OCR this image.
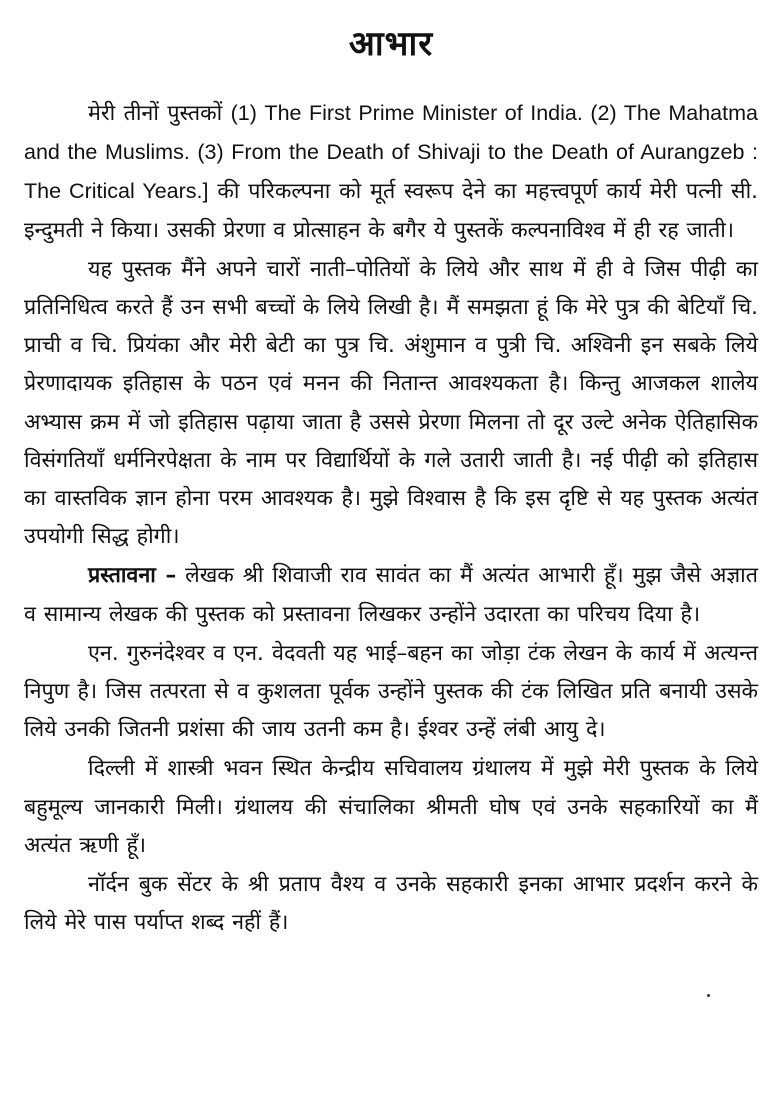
आभार

मेरी तीनों पुस्तकों (1) The First Prime Minister of India. (2) The Mahatma and the Muslims. (3) From the Death of Shivaji to the Death of Aurangzeb : The Critical Years.] की परिकल्पना को मूर्त स्वरूप देने का महत्त्वपूर्ण कार्य मेरी पत्नी सी. इन्दुमती ने किया। उसकी प्रेरणा व प्रोत्साहन के बगैर ये पुस्तकें कल्पनाविश्व में ही रह जाती।

यह पुस्तक मैंने अपने चारों नाती–पोतियों के लिये और साथ में ही वे जिस पीढ़ी का प्रतिनिधित्व करते हैं उन सभी बच्चों के लिये लिखी है। मैं समझता हूं कि मेरे पुत्र की बेटियाँ चि. प्राची व चि. प्रियंका और मेरी बेटी का पुत्र चि. अंशुमान व पुत्री चि. अश्विनी इन सबके लिये प्रेरणादायक इतिहास के पठन एवं मनन की नितान्त आवश्यकता है। किन्तु आजकल शालेय अभ्यास क्रम में जो इतिहास पढ़ाया जाता है उससे प्रेरणा मिलना तो दूर उल्टे अनेक ऐतिहासिक विसंगतियाँ धर्मनिरपेक्षता के नाम पर विद्यार्थियों के गले उतारी जाती है। नई पीढ़ी को इतिहास का वास्तविक ज्ञान होना परम आवश्यक है। मुझे विश्वास है कि इस दृष्टि से यह पुस्तक अत्यंत उपयोगी सिद्ध होगी।

प्रस्तावना – लेखक श्री शिवाजी राव सावंत का मैं अत्यंत आभारी हूँ। मुझ जैसे अज्ञात व सामान्य लेखक की पुस्तक को प्रस्तावना लिखकर उन्होंने उदारता का परिचय दिया है।

एन. गुरुनंदेश्वर व एन. वेदवती यह भाई–बहन का जोड़ा टंक लेखन के कार्य में अत्यन्त निपुण है। जिस तत्परता से व कुशलता पूर्वक उन्होंने पुस्तक की टंक लिखित प्रति बनायी उसके लिये उनकी जितनी प्रशंसा की जाय उतनी कम है। ईश्वर उन्हें लंबी आयु दे।

दिल्ली में शास्त्री भवन स्थित केन्द्रीय सचिवालय ग्रंथालय में मुझे मेरी पुस्तक के लिये बहुमूल्य जानकारी मिली। ग्रंथालय की संचालिका श्रीमती घोष एवं उनके सहकारियों का मैं अत्यंत ऋणी हूँ।

नॉर्दन बुक सेंटर के श्री प्रताप वैश्य व उनके सहकारी इनका आभार प्रदर्शन करने के लिये मेरे पास पर्याप्त शब्द नहीं हैं।
